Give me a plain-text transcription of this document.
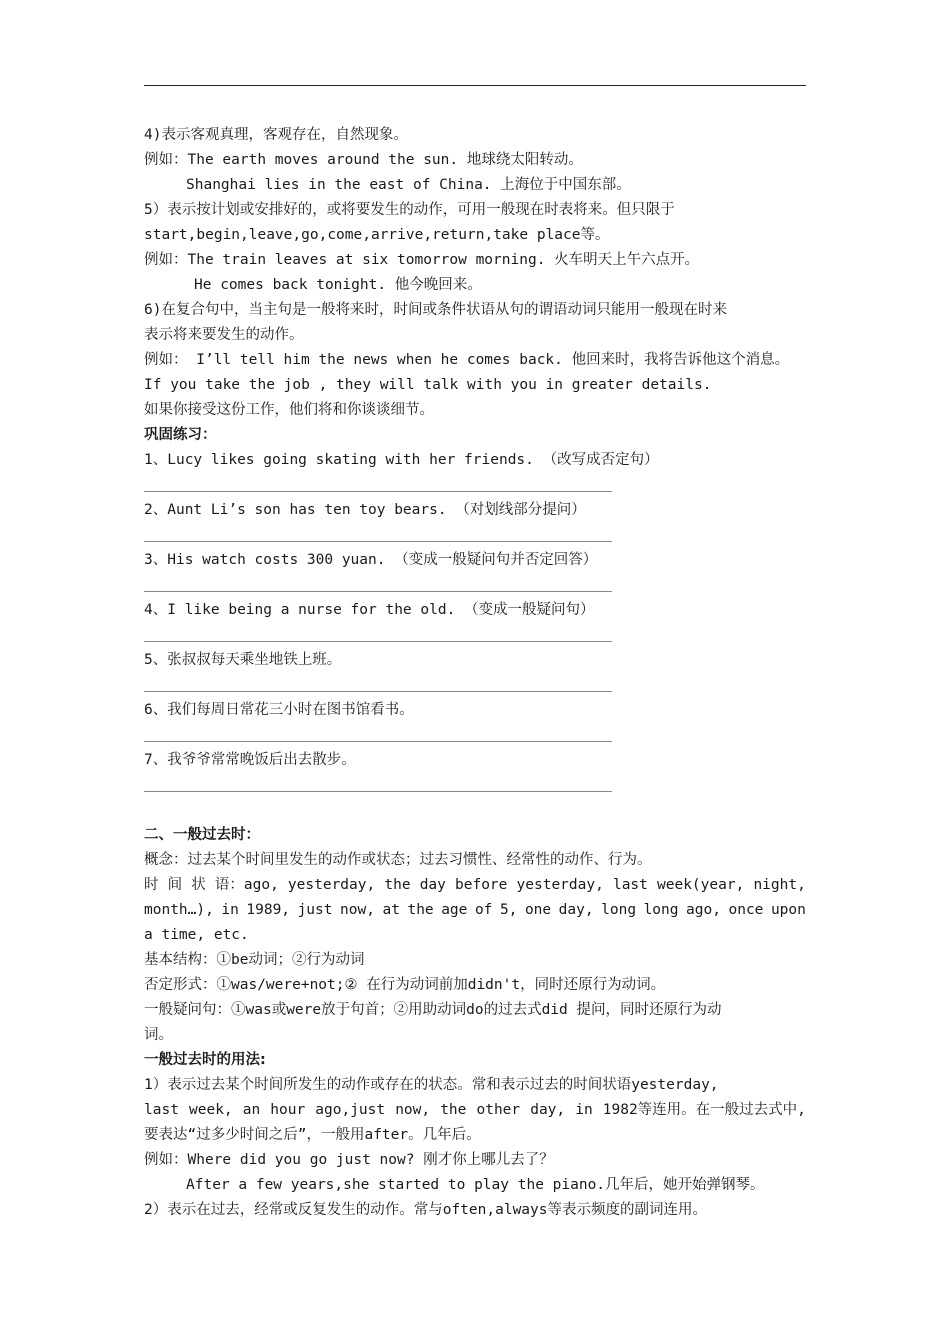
4)表示客观真理，客观存在，自然现象。
例如：The earth moves around the sun. 地球绕太阳转动。
Shanghai lies in the east of China. 上海位于中国东部。
5）表示按计划或安排好的，或将要发生的动作，可用一般现在时表将来。但只限于
start,begin,leave,go,come,arrive,return,take place等。
例如：The train leaves at six tomorrow morning. 火车明天上午六点开。
He comes back tonight. 他今晚回来。
6)在复合句中，当主句是一般将来时，时间或条件状语从句的谓语动词只能用一般现在时来
表示将来要发生的动作。
例如： I’ll tell him the news when he comes back. 他回来时，我将告诉他这个消息。
If you take the job , they will talk with you in greater details.
如果你接受这份工作，他们将和你谈谈细节。
巩固练习：
1、Lucy likes going skating with her friends. （改写成否定句）
2、Aunt Li’s son has ten toy bears. （对划线部分提问）
3、His watch costs 300 yuan. （变成一般疑问句并否定回答）
4、I like being a nurse for the old. （变成一般疑问句）
5、张叔叔每天乘坐地铁上班。
6、我们每周日常花三小时在图书馆看书。
7、我爷爷常常晚饭后出去散步。
二、一般过去时：
概念：过去某个时间里发生的动作或状态；过去习惯性、经常性的动作、行为。
时 间 状 语：ago, yesterday, the day before yesterday, last week(year, night,
month…), in 1989, just now, at the age of 5, one day, long long ago, once upon
a time, etc.
基本结构：①be动词；②行为动词
否定形式：①was/were+not;② 在行为动词前加didn't，同时还原行为动词。
一般疑问句：①was或were放于句首；②用助动词do的过去式did 提问，同时还原行为动
词。
一般过去时的用法:
1）表示过去某个时间所发生的动作或存在的状态。常和表示过去的时间状语yesterday,
last week, an hour ago,just now, the other day, in 1982等连用。在一般过去式中,
要表达“过多少时间之后”，一般用after。几年后。
例如：Where did you go just now? 刚才你上哪儿去了？
After a few years,she started to play the piano.几年后，她开始弹钢琴。
2）表示在过去，经常或反复发生的动作。常与often,always等表示频度的副词连用。
